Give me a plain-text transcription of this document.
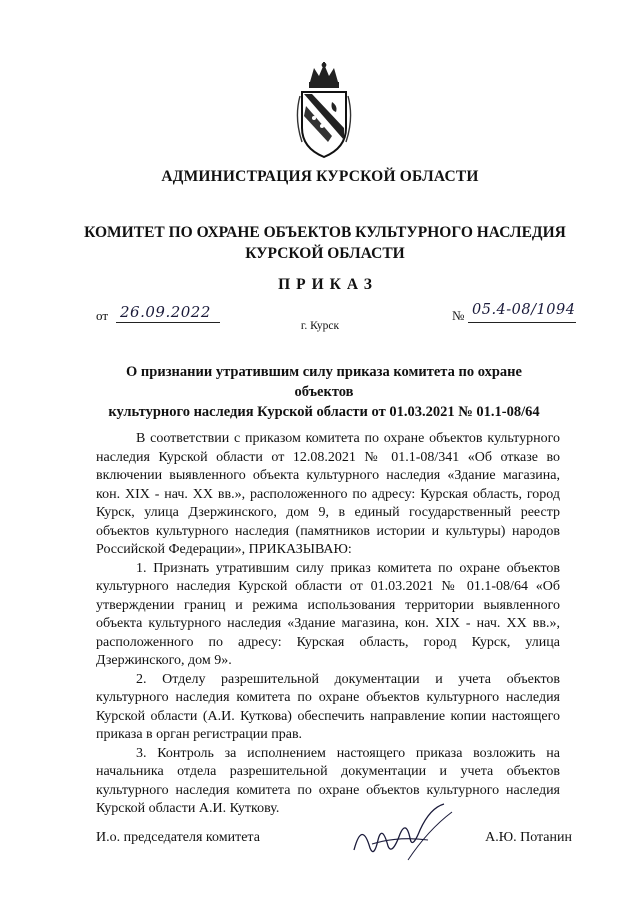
АДМИНИСТРАЦИЯ КУРСКОЙ ОБЛАСТИ
КОМИТЕТ ПО ОХРАНЕ ОБЪЕКТОВ КУЛЬТУРНОГО НАСЛЕДИЯ
КУРСКОЙ ОБЛАСТИ
ПРИКАЗ
от 26.09.2022	№ 05.4-08/1094
г. Курск
О признании утратившим силу приказа комитета по охране объектов
культурного наследия Курской области от 01.03.2021 № 01.1-08/64

В соответствии с приказом комитета по охране объектов культурного наследия Курской области от 12.08.2021 № 01.1-08/341 «Об отказе во включении выявленного объекта культурного наследия «Здание магазина, кон. XIX - нач. XX вв.», расположенного по адресу: Курская область, город Курск, улица Дзержинского, дом 9, в единый государственный реестр объектов культурного наследия (памятников истории и культуры) народов Российской Федерации», ПРИКАЗЫВАЮ:

1. Признать утратившим силу приказ комитета по охране объектов культурного наследия Курской области от 01.03.2021 № 01.1-08/64 «Об утверждении границ и режима использования территории выявленного объекта культурного наследия «Здание магазина, кон. XIX - нач. XX вв.», расположенного по адресу: Курская область, город Курск, улица Дзержинского, дом 9».

2. Отделу разрешительной документации и учета объектов культурного наследия комитета по охране объектов культурного наследия Курской области (А.И. Куткова) обеспечить направление копии настоящего приказа в орган регистрации прав.

3. Контроль за исполнением настоящего приказа возложить на начальника отдела разрешительной документации и учета объектов культурного наследия комитета по охране объектов культурного наследия Курской области А.И. Куткову.

И.о. председателя комитета	А.Ю. Потанин
